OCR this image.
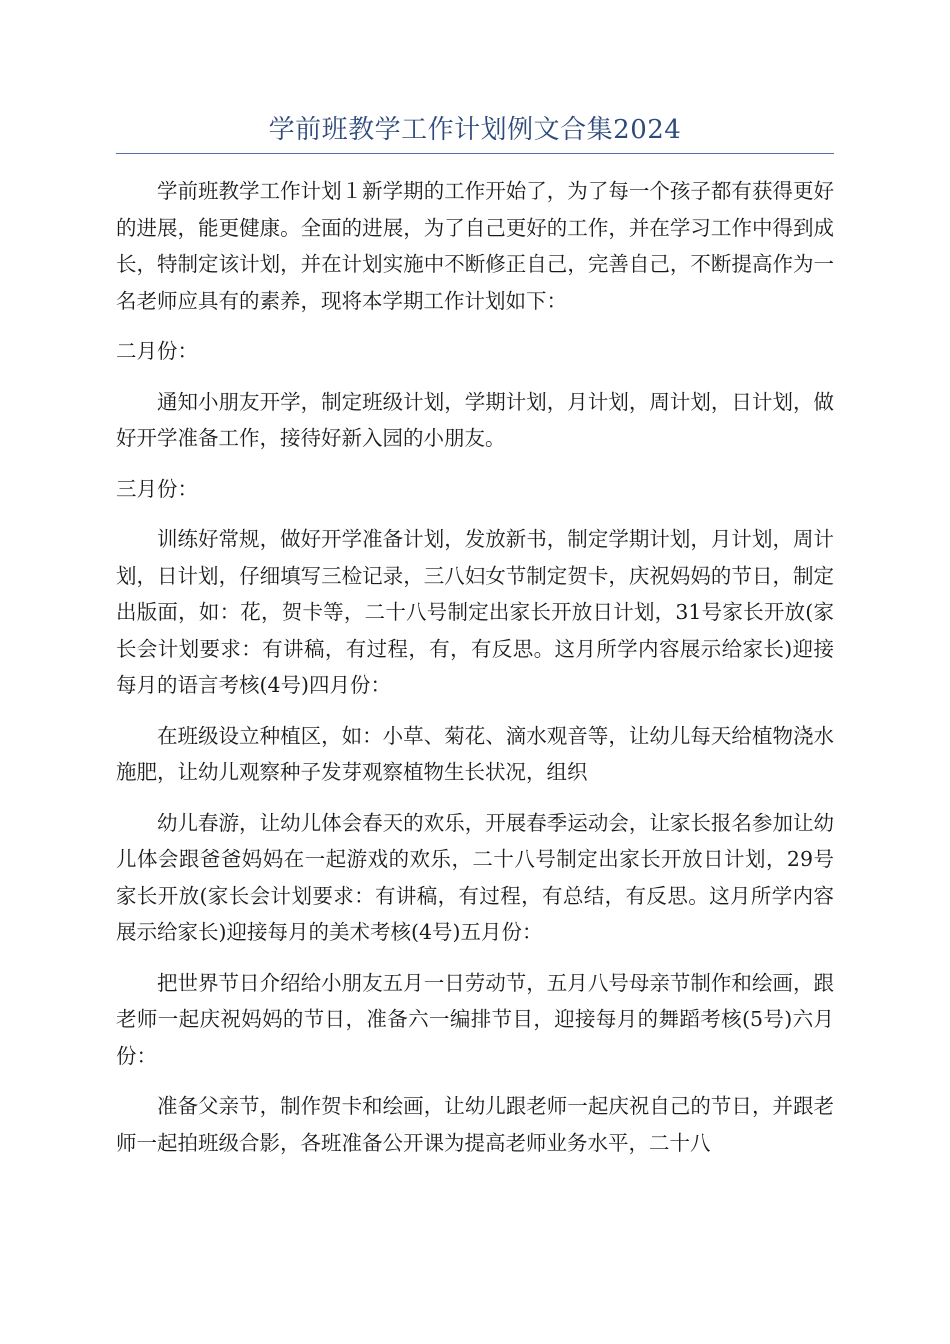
学前班教学工作计划例文合集2024

学前班教学工作计划１新学期的工作开始了，为了每一个孩子都有获得更好的进展，能更健康。全面的进展，为了自己更好的工作，并在学习工作中得到成长，特制定该计划，并在计划实施中不断修正自己，完善自己，不断提高作为一名老师应具有的素养，现将本学期工作计划如下：

二月份：

通知小朋友开学，制定班级计划，学期计划，月计划，周计划，日计划，做好开学准备工作，接待好新入园的小朋友。

三月份：

训练好常规，做好开学准备计划，发放新书，制定学期计划，月计划，周计划，日计划，仔细填写三检记录，三八妇女节制定贺卡，庆祝妈妈的节日，制定出版面，如：花，贺卡等，二十八号制定出家长开放日计划，31号家长开放(家长会计划要求：有讲稿，有过程，有，有反思。这月所学内容展示给家长)迎接每月的语言考核(4号)四月份：

在班级设立种植区，如：小草、菊花、滴水观音等，让幼儿每天给植物浇水施肥，让幼儿观察种子发芽观察植物生长状况，组织

幼儿春游，让幼儿体会春天的欢乐，开展春季运动会，让家长报名参加让幼儿体会跟爸爸妈妈在一起游戏的欢乐，二十八号制定出家长开放日计划，29号家长开放(家长会计划要求：有讲稿，有过程，有总结，有反思。这月所学内容展示给家长)迎接每月的美术考核(4号)五月份：

把世界节日介绍给小朋友五月一日劳动节，五月八号母亲节制作和绘画，跟老师一起庆祝妈妈的节日，准备六一编排节目，迎接每月的舞蹈考核(5号)六月份：

准备父亲节，制作贺卡和绘画，让幼儿跟老师一起庆祝自己的节日，并跟老师一起拍班级合影，各班准备公开课为提高老师业务水平，二十八
